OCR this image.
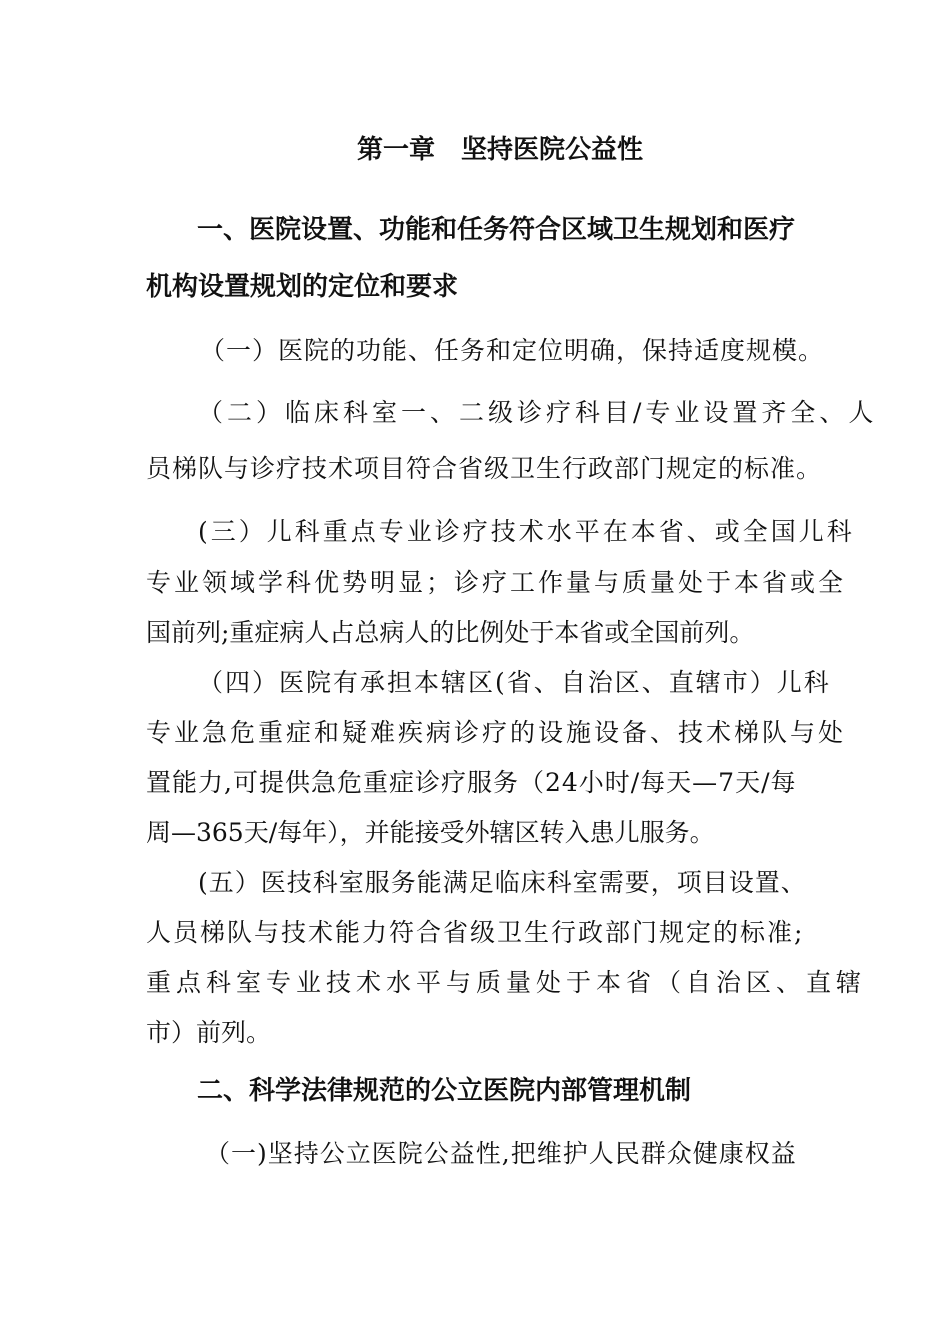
第一章　坚持医院公益性
一、医院设置、功能和任务符合区域卫生规划和医疗
机构设置规划的定位和要求
（一）医院的功能、任务和定位明确，保持适度规模。
（二）临床科室一、二级诊疗科目/专业设置齐全、人
员梯队与诊疗技术项目符合省级卫生行政部门规定的标准。
(三）儿科重点专业诊疗技术水平在本省、或全国儿科
专业领域学科优势明显；诊疗工作量与质量处于本省或全
国前列;重症病人占总病人的比例处于本省或全国前列。
（四）医院有承担本辖区(省、自治区、直辖市）儿科
专业急危重症和疑难疾病诊疗的设施设备、技术梯队与处
置能力,可提供急危重症诊疗服务（24小时/每天—7天/每
周—365天/每年），并能接受外辖区转入患儿服务。
(五）医技科室服务能满足临床科室需要，项目设置、
人员梯队与技术能力符合省级卫生行政部门规定的标准;
重点科室专业技术水平与质量处于本省（自治区、直辖
市）前列。
二、科学法律规范的公立医院内部管理机制
（一)坚持公立医院公益性,把维护人民群众健康权益
